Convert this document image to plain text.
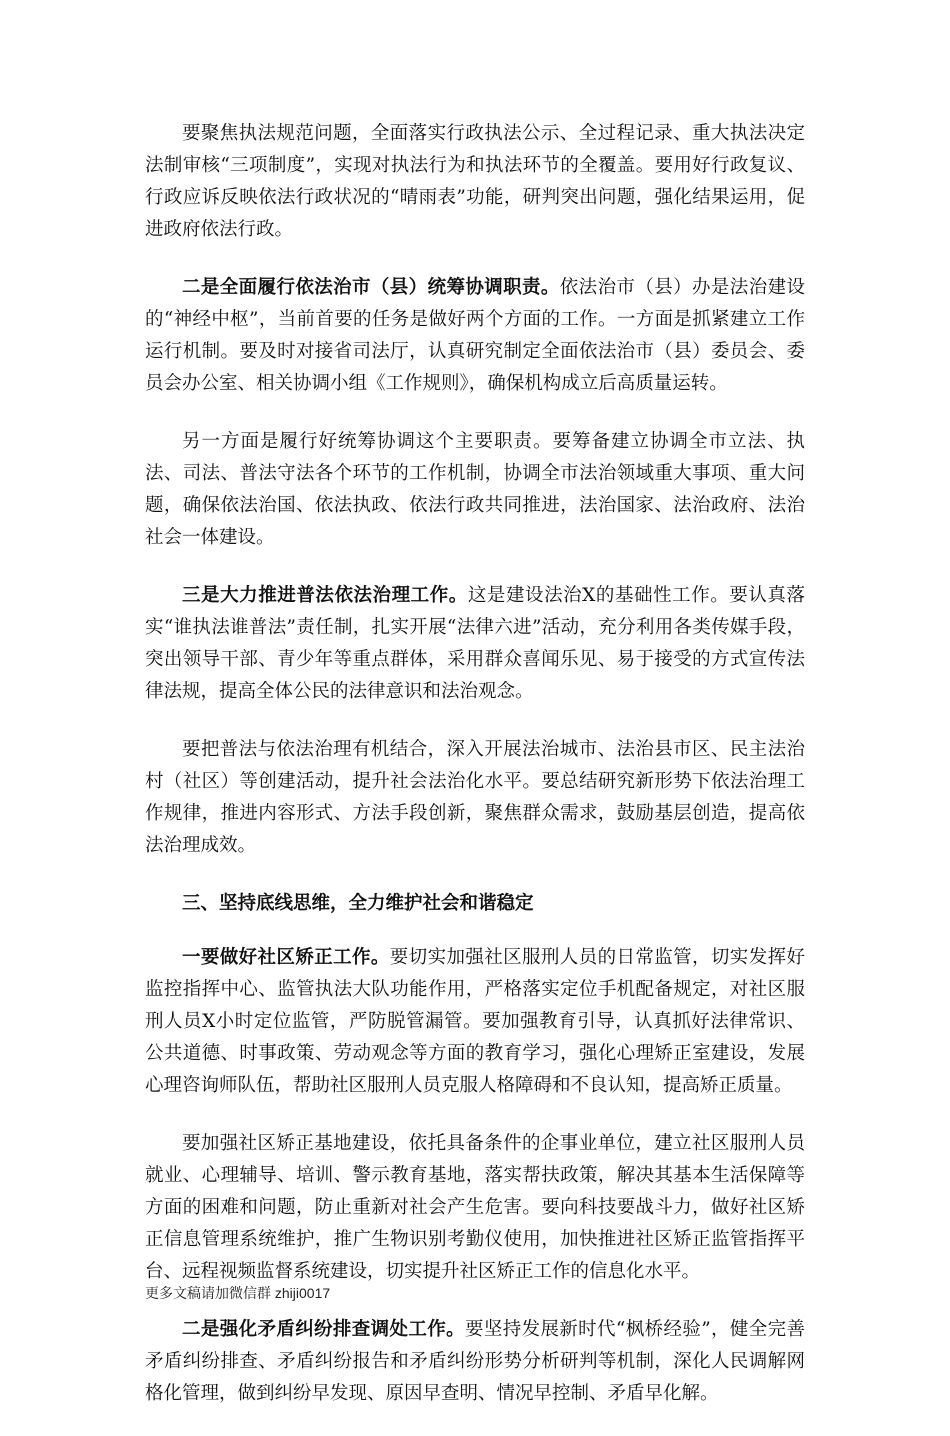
要聚焦执法规范问题，全面落实行政执法公示、全过程记录、重大执法决定法制审核“三项制度”，实现对执法行为和执法环节的全覆盖。要用好行政复议、行政应诉反映依法行政状况的“晴雨表”功能，研判突出问题，强化结果运用，促进政府依法行政。

二是全面履行依法治市（县）统筹协调职责。依法治市（县）办是法治建设的“神经中枢”，当前首要的任务是做好两个方面的工作。一方面是抓紧建立工作运行机制。要及时对接省司法厅，认真研究制定全面依法治市（县）委员会、委员会办公室、相关协调小组《工作规则》，确保机构成立后高质量运转。

另一方面是履行好统筹协调这个主要职责。要筹备建立协调全市立法、执法、司法、普法守法各个环节的工作机制，协调全市法治领域重大事项、重大问题，确保依法治国、依法执政、依法行政共同推进，法治国家、法治政府、法治社会一体建设。

三是大力推进普法依法治理工作。这是建设法治X的基础性工作。要认真落实“谁执法谁普法”责任制，扎实开展“法律六进”活动，充分利用各类传媒手段，突出领导干部、青少年等重点群体，采用群众喜闻乐见、易于接受的方式宣传法律法规，提高全体公民的法律意识和法治观念。

要把普法与依法治理有机结合，深入开展法治城市、法治县市区、民主法治村（社区）等创建活动，提升社会法治化水平。要总结研究新形势下依法治理工作规律，推进内容形式、方法手段创新，聚焦群众需求，鼓励基层创造，提高依法治理成效。

三、坚持底线思维，全力维护社会和谐稳定

一要做好社区矫正工作。要切实加强社区服刑人员的日常监管，切实发挥好监控指挥中心、监管执法大队功能作用，严格落实定位手机配备规定，对社区服刑人员X小时定位监管，严防脱管漏管。要加强教育引导，认真抓好法律常识、公共道德、时事政策、劳动观念等方面的教育学习，强化心理矫正室建设，发展心理咨询师队伍，帮助社区服刑人员克服人格障碍和不良认知，提高矫正质量。

要加强社区矫正基地建设，依托具备条件的企事业单位，建立社区服刑人员就业、心理辅导、培训、警示教育基地，落实帮扶政策，解决其基本生活保障等方面的困难和问题，防止重新对社会产生危害。要向科技要战斗力，做好社区矫正信息管理系统维护，推广生物识别考勤仪使用，加快推进社区矫正监管指挥平台、远程视频监督系统建设，切实提升社区矫正工作的信息化水平。

二是强化矛盾纠纷排查调处工作。要坚持发展新时代“枫桥经验”，健全完善矛盾纠纷排查、矛盾纠纷报告和矛盾纠纷形势分析研判等机制，深化人民调解网格化管理，做到纠纷早发现、原因早查明、情况早控制、矛盾早化解。

更多文稿请加微信群 zhiji0017
